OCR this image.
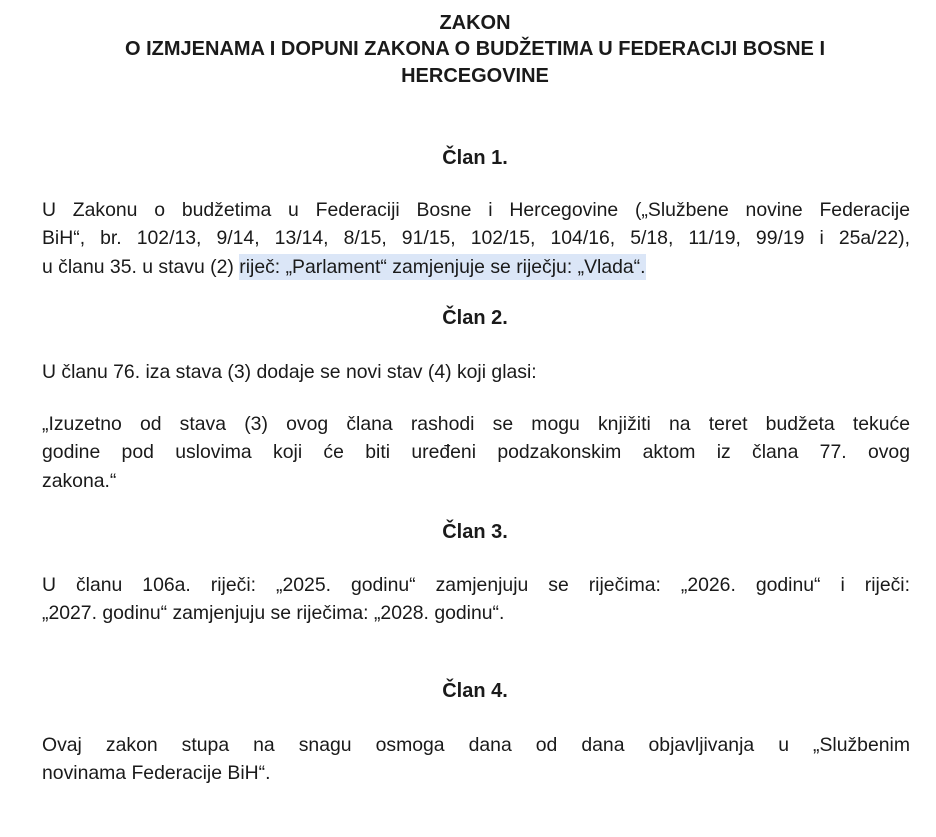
ZAKON
O IZMJENAMA I DOPUNI ZAKONA O BUDŽETIMA U FEDERACIJI BOSNE I
HERCEGOVINE
Član 1.
U Zakonu o budžetima u Federaciji Bosne i Hercegovine („Službene novine Federacije
BiH“, br. 102/13, 9/14, 13/14, 8/15, 91/15, 102/15, 104/16, 5/18, 11/19, 99/19 i 25a/22),
u članu 35. u stavu (2) riječ: „Parlament“ zamjenjuje se riječju: „Vlada“.
Član 2.
U članu 76. iza stava (3) dodaje se novi stav (4) koji glasi:
„Izuzetno od stava (3) ovog člana rashodi se mogu knjižiti na teret budžeta tekuće
godine pod uslovima koji će biti uređeni podzakonskim aktom iz člana 77. ovog
zakona.“
Član 3.
U članu 106a. riječi: „2025. godinu“ zamjenjuju se riječima: „2026. godinu“ i riječi:
„2027. godinu“ zamjenjuju se riječima: „2028. godinu“.
Član 4.
Ovaj zakon stupa na snagu osmoga dana od dana objavljivanja u „Službenim
novinama Federacije BiH“.
